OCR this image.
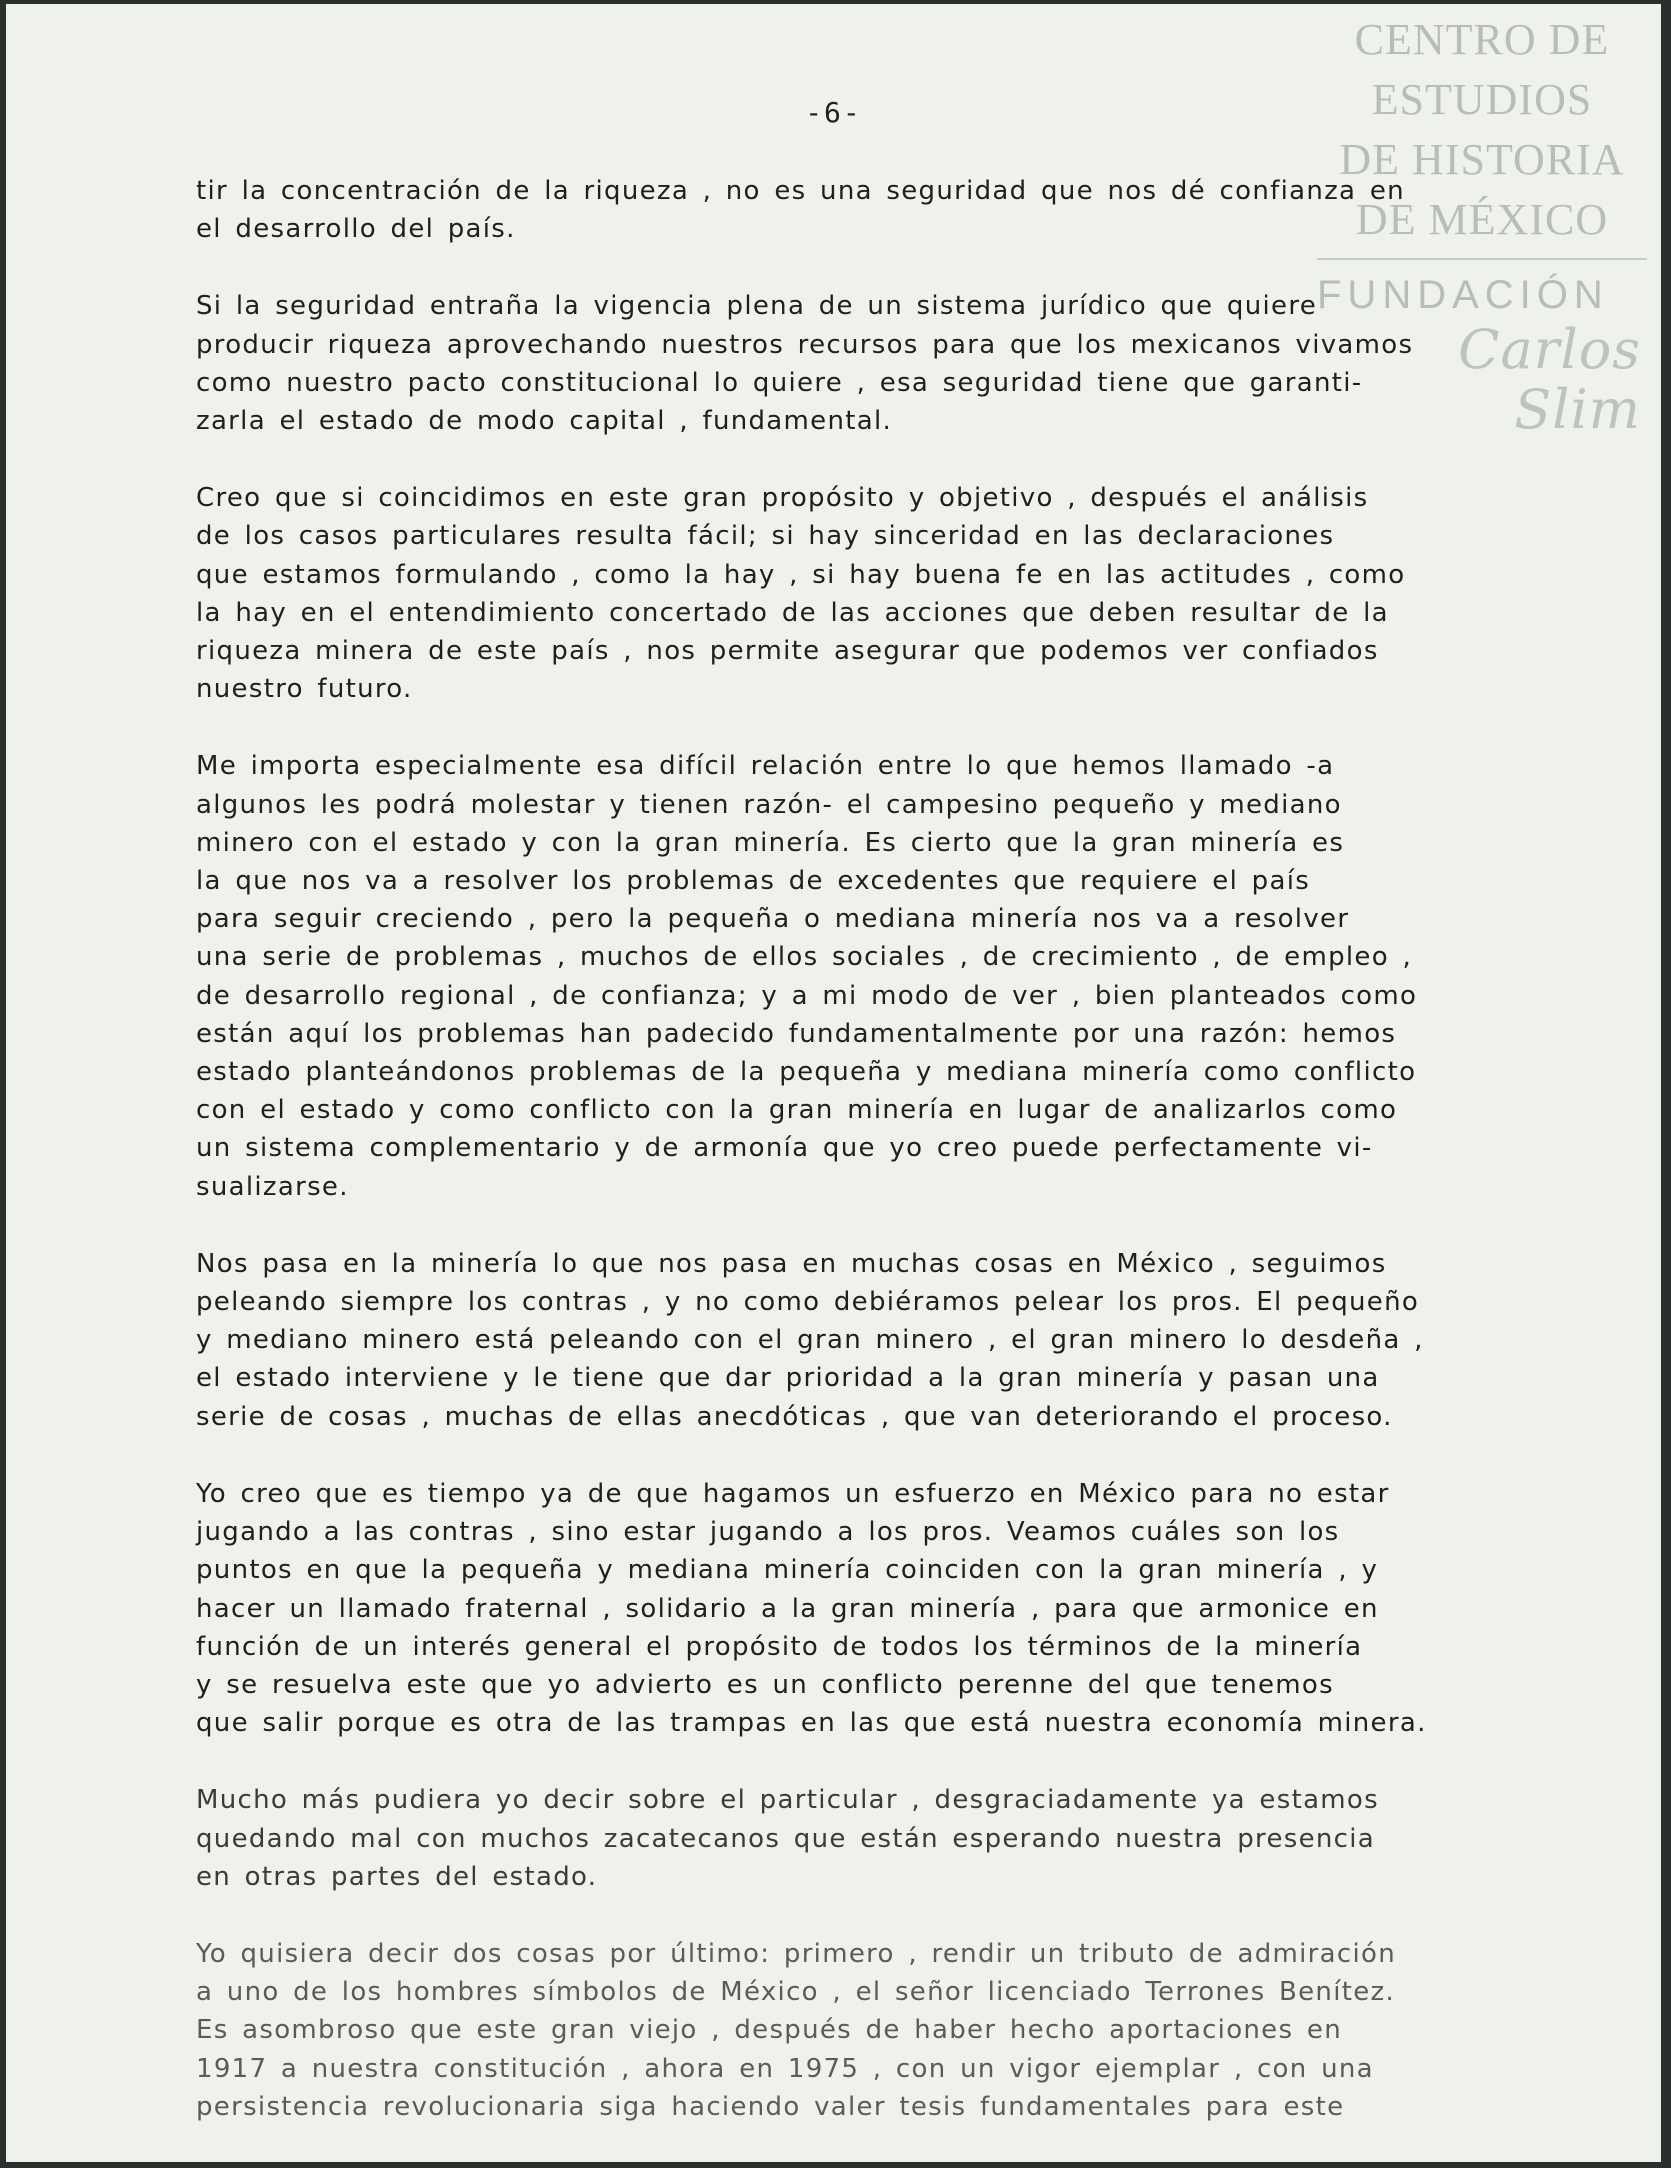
CENTRO DE
ESTUDIOS
DE HISTORIA
DE MÉXICO
FUNDACIÓN
Carlos Slim
-6-
tir la concentración de la riqueza , no es una seguridad que nos dé confianza en
el desarrollo del país.
Si la seguridad entraña la vigencia plena de un sistema jurídico que quiere
producir riqueza aprovechando nuestros recursos para que los mexicanos vivamos
como nuestro pacto constitucional lo quiere , esa seguridad tiene que garanti-
zarla el estado de modo capital , fundamental.
Creo que si coincidimos en este gran propósito y objetivo , después el análisis
de los casos particulares resulta fácil; si hay sinceridad en las declaraciones
que estamos formulando , como la hay , si hay buena fe en las actitudes , como
la hay en el entendimiento concertado de las acciones que deben resultar de la
riqueza minera de este país , nos permite asegurar que podemos ver confiados
nuestro futuro.
Me importa especialmente esa difícil relación entre lo que hemos llamado -a
algunos les podrá molestar y tienen razón- el campesino pequeño y mediano
minero con el estado y con la gran minería. Es cierto que la gran minería es
la que nos va a resolver los problemas de excedentes que requiere el país
para seguir creciendo , pero la pequeña o mediana minería nos va a resolver
una serie de problemas , muchos de ellos sociales , de crecimiento , de empleo ,
de desarrollo regional , de confianza; y a mi modo de ver , bien planteados como
están aquí los problemas han padecido fundamentalmente por una razón: hemos
estado planteándonos problemas de la pequeña y mediana minería como conflicto
con el estado y como conflicto con la gran minería en lugar de analizarlos como
un sistema complementario y de armonía que yo creo puede perfectamente vi-
sualizarse.
Nos pasa en la minería lo que nos pasa en muchas cosas en México , seguimos
peleando siempre los contras , y no como debiéramos pelear los pros. El pequeño
y mediano minero está peleando con el gran minero , el gran minero lo desdeña ,
el estado interviene y le tiene que dar prioridad a la gran minería y pasan una
serie de cosas , muchas de ellas anecdóticas , que van deteriorando el proceso.
Yo creo que es tiempo ya de que hagamos un esfuerzo en México para no estar
jugando a las contras , sino estar jugando a los pros. Veamos cuáles son los
puntos en que la pequeña y mediana minería coinciden con la gran minería , y
hacer un llamado fraternal , solidario a la gran minería , para que armonice en
función de un interés general el propósito de todos los términos de la minería
y se resuelva este que yo advierto es un conflicto perenne del que tenemos
que salir porque es otra de las trampas en las que está nuestra economía minera.
Mucho más pudiera yo decir sobre el particular , desgraciadamente ya estamos
quedando mal con muchos zacatecanos que están esperando nuestra presencia
en otras partes del estado.
Yo quisiera decir dos cosas por último: primero , rendir un tributo de admiración
a uno de los hombres símbolos de México , el señor licenciado Terrones Benítez.
Es asombroso que este gran viejo , después de haber hecho aportaciones en
1917 a nuestra constitución , ahora en 1975 , con un vigor ejemplar , con una
persistencia revolucionaria siga haciendo valer tesis fundamentales para este
